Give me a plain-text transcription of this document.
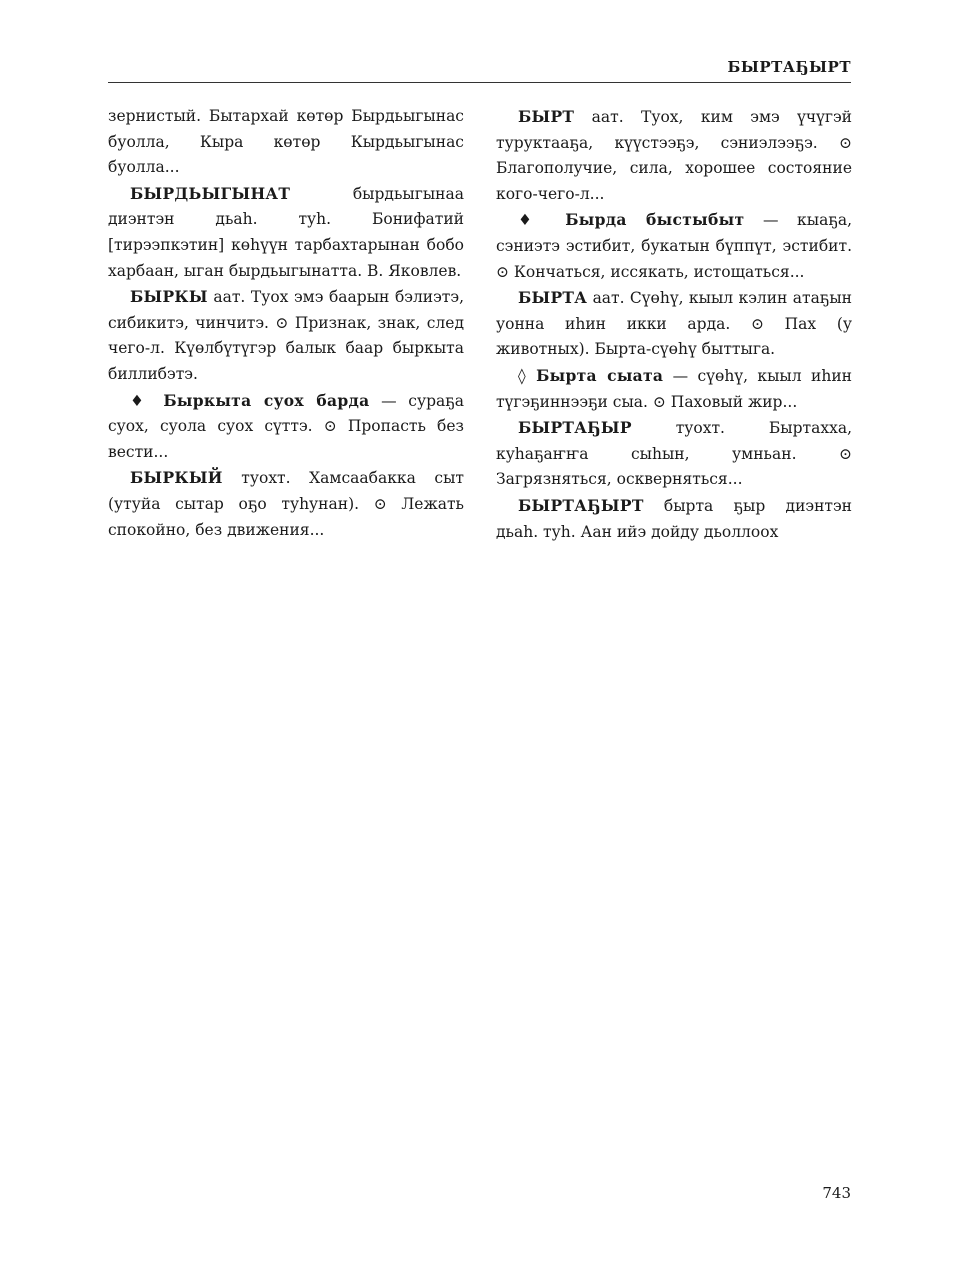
БЫРТАҔЫРТ

зернистый. Бытархай көтөр Бырдьыгынас буолла, Кыра көтөр Кырдьыгынас буолла...

БЫРДЬЫГЫНАТ бырдьыгынаа диэнтэн дьаһ. туһ. Бонифатий [тирээпкэтин] көһүүн тарбахтарынан бобо харбаан, ыган бырдьыгынатта. В. Яковлев.

БЫРКЫ аат. Туох эмэ баарын бэлиэтэ, сибикитэ, чинчитэ. ⊙ Признак, знак, след чего-л. Күөлбүтүгэр балык баар быркыта биллибэтэ.

♦ Быркыта суох барда — сураҕа суох, суола суох сүттэ. ⊙ Пропасть без вести...

БЫРКЫЙ туохт. Хамсаабакка сыт (утуйа сытар оҕо туһунан). ⊙ Лежать спокойно, без движения...

БЫРТ аат. Туох, ким эмэ үчүгэй туруктааҕа, күүстээҕэ, сэниэлээҕэ. ⊙ Благополучие, сила, хорошее состояние кого-чего-л...

♦ Бырда быстыбыт — кыаҕа, сэниэтэ эстибит, букатын бүппүт, эстибит. ⊙ Кончаться, иссякать, истощаться...

БЫРТА аат. Сүөһү, кыыл кэлин атаҕын уонна иһин икки арда. ⊙ Пах (у животных). Бырта-сүөһү быттыга.

◊ Бырта сыата — сүөһү, кыыл иһин түгэҕиннээҕи сыа. ⊙ Паховый жир...

БЫРТАҔЫР туохт. Быртахха, куһаҕаҥҥа сыһын, умньан. ⊙ Загрязняться, оскверняться...

БЫРТАҔЫРТ бырта ҕыр диэнтэн дьаһ. туһ. Аан ийэ дойду дьоллоох

743
